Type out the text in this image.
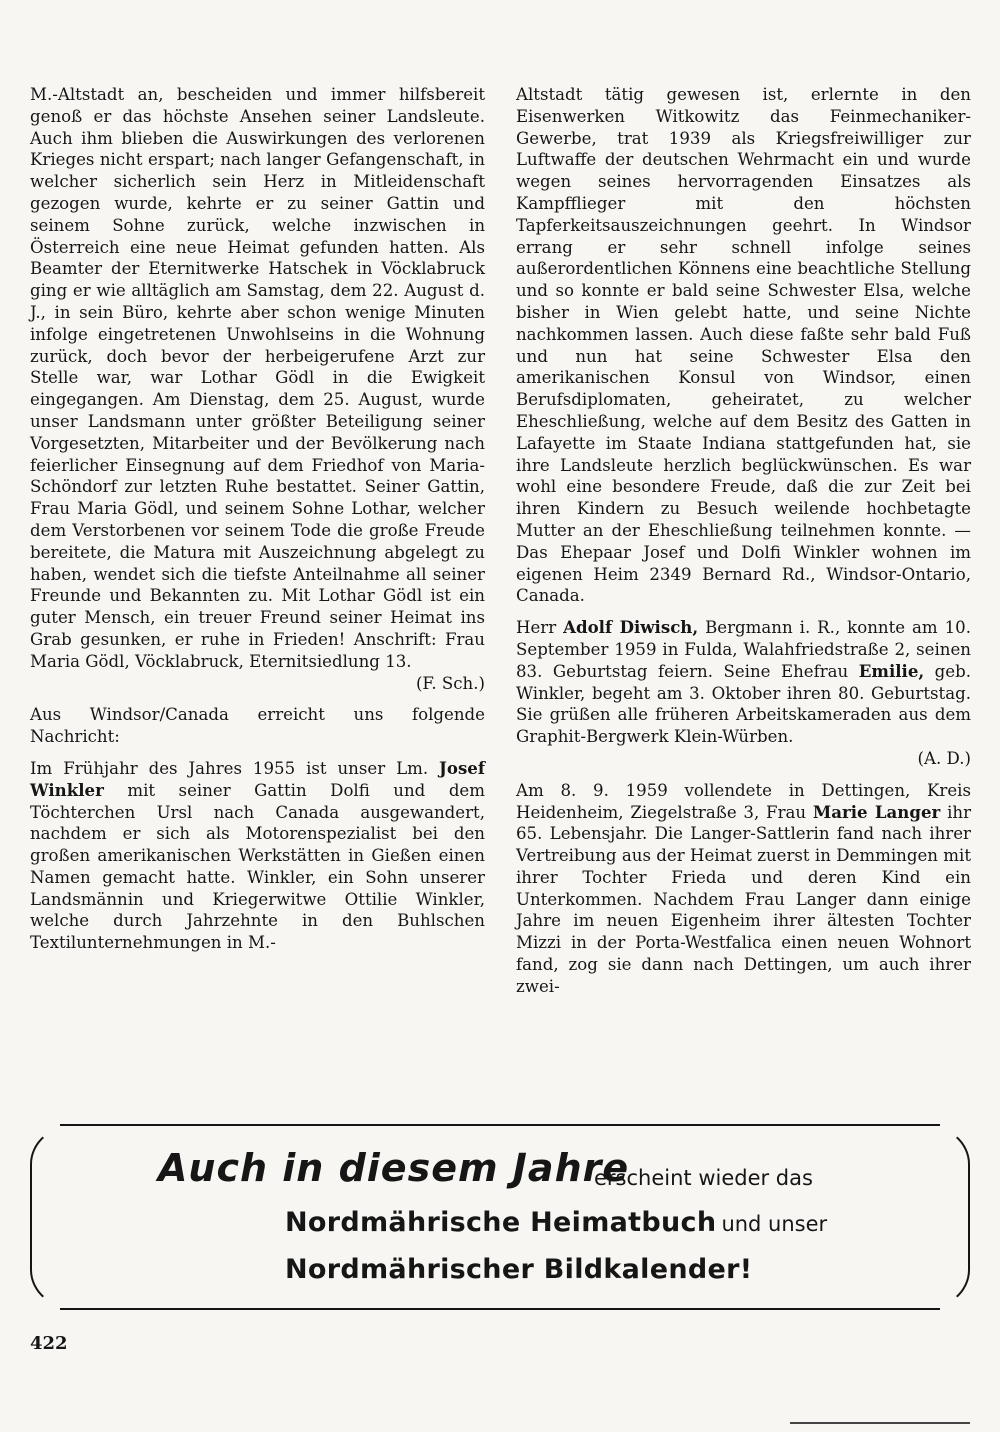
M.-Altstadt an, bescheiden und immer hilfsbereit genoß er das höchste Ansehen seiner Landsleute. Auch ihm blieben die Auswirkungen des verlorenen Krieges nicht erspart; nach langer Gefangenschaft, in welcher sicherlich sein Herz in Mitleidenschaft gezogen wurde, kehrte er zu seiner Gattin und seinem Sohne zurück, welche inzwischen in Österreich eine neue Heimat gefunden hatten. Als Beamter der Eternitwerke Hatschek in Vöcklabruck ging er wie alltäglich am Samstag, dem 22. August d. J., in sein Büro, kehrte aber schon wenige Minuten infolge eingetretenen Unwohlseins in die Wohnung zurück, doch bevor der herbeigerufene Arzt zur Stelle war, war Lothar Gödl in die Ewigkeit eingegangen. Am Dienstag, dem 25. August, wurde unser Landsmann unter größter Beteiligung seiner Vorgesetzten, Mitarbeiter und der Bevölkerung nach feierlicher Einsegnung auf dem Friedhof von Maria-Schöndorf zur letzten Ruhe bestattet. Seiner Gattin, Frau Maria Gödl, und seinem Sohne Lothar, welcher dem Verstorbenen vor seinem Tode die große Freude bereitete, die Matura mit Auszeichnung abgelegt zu haben, wendet sich die tiefste Anteilnahme all seiner Freunde und Bekannten zu. Mit Lothar Gödl ist ein guter Mensch, ein treuer Freund seiner Heimat ins Grab gesunken, er ruhe in Frieden! Anschrift: Frau Maria Gödl, Vöcklabruck, Eternitsiedlung 13.
(F. Sch.)

Aus Windsor/Canada erreicht uns folgende Nachricht:

Im Frühjahr des Jahres 1955 ist unser Lm. Josef Winkler mit seiner Gattin Dolfi und dem Töchterchen Ursl nach Canada ausgewandert, nachdem er sich als Motorenspezialist bei den großen amerikanischen Werkstätten in Gießen einen Namen gemacht hatte. Winkler, ein Sohn unserer Landsmännin und Kriegerwitwe Ottilie Winkler, welche durch Jahrzehnte in den Buhlschen Textilunternehmungen in M.-

Altstadt tätig gewesen ist, erlernte in den Eisenwerken Witkowitz das Feinmechaniker-Gewerbe, trat 1939 als Kriegsfreiwilliger zur Luftwaffe der deutschen Wehrmacht ein und wurde wegen seines hervorragenden Einsatzes als Kampfflieger mit den höchsten Tapferkeitsauszeichnungen geehrt. In Windsor errang er sehr schnell infolge seines außerordentlichen Könnens eine beachtliche Stellung und so konnte er bald seine Schwester Elsa, welche bisher in Wien gelebt hatte, und seine Nichte nachkommen lassen. Auch diese faßte sehr bald Fuß und nun hat seine Schwester Elsa den amerikanischen Konsul von Windsor, einen Berufsdiplomaten, geheiratet, zu welcher Eheschließung, welche auf dem Besitz des Gatten in Lafayette im Staate Indiana stattgefunden hat, sie ihre Landsleute herzlich beglückwünschen. Es war wohl eine besondere Freude, daß die zur Zeit bei ihren Kindern zu Besuch weilende hochbetagte Mutter an der Eheschließung teilnehmen konnte. — Das Ehepaar Josef und Dolfi Winkler wohnen im eigenen Heim 2349 Bernard Rd., Windsor-Ontario, Canada.

Herr Adolf Diwisch, Bergmann i. R., konnte am 10. September 1959 in Fulda, Walahfriedstraße 2, seinen 83. Geburtstag feiern. Seine Ehefrau Emilie, geb. Winkler, begeht am 3. Oktober ihren 80. Geburtstag. Sie grüßen alle früheren Arbeitskameraden aus dem Graphit-Bergwerk Klein-Würben.
(A. D.)

Am 8. 9. 1959 vollendete in Dettingen, Kreis Heidenheim, Ziegelstraße 3, Frau Marie Langer ihr 65. Lebensjahr. Die Langer-Sattlerin fand nach ihrer Vertreibung aus der Heimat zuerst in Demmingen mit ihrer Tochter Frieda und deren Kind ein Unterkommen. Nachdem Frau Langer dann einige Jahre im neuen Eigenheim ihrer ältesten Tochter Mizzi in der Porta-Westfalica einen neuen Wohnort fand, zog sie dann nach Dettingen, um auch ihrer zwei-

Auch in diesem Jahre
erscheint wieder das
Nordmährische Heimatbuch und unser
Nordmährischer Bildkalender!
422
